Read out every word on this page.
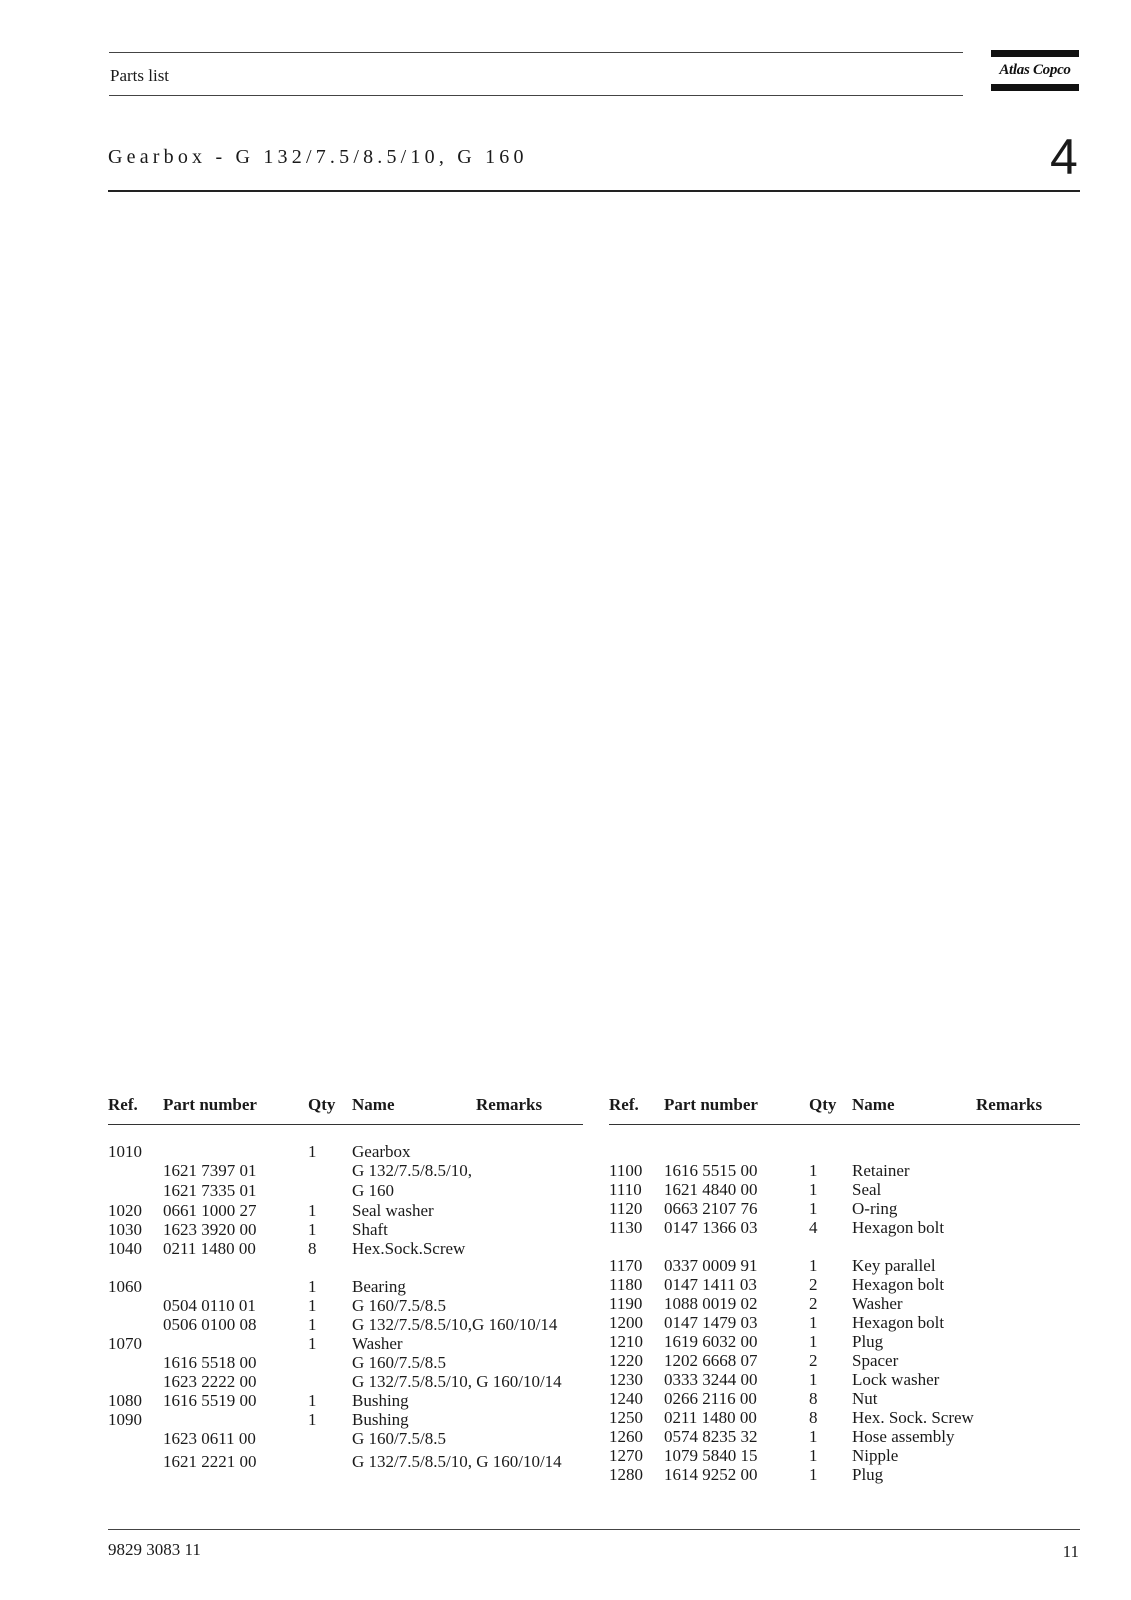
Parts list	Atlas Copco
Gearbox - G 132/7.5/8.5/10, G 160	4
Ref. Part number	Qty Name	Remarks
1010	1 Gearbox
1621 7397 01	G 132/7.5/8.5/10,
1621 7335 01	G 160
1020 0661 1000 27	1 Seal washer
1030 1623 3920 00	1 Shaft
1040 0211 1480 00	8 Hex.Sock.Screw
1060	1 Bearing
0504 0110 01	1 G 160/7.5/8.5
0506 0100 08	1 G 132/7.5/8.5/10,G 160/10/14
1070	1 Washer
1616 5518 00	G 160/7.5/8.5
1623 2222 00	G 132/7.5/8.5/10, G 160/10/14
1080 1616 5519 00	1 Bushing
1090	1 Bushing
1623 0611 00	G 160/7.5/8.5
1621 2221 00	G 132/7.5/8.5/10, G 160/10/14
Ref. Part number	Qty Name	Remarks
1100 1616 5515 00	1 Retainer
1110 1621 4840 00	1 Seal
1120 0663 2107 76	1 O-ring
1130 0147 1366 03	4 Hexagon bolt
1170 0337 0009 91	1 Key parallel
1180 0147 1411 03	2 Hexagon bolt
1190 1088 0019 02	2 Washer
1200 0147 1479 03	1 Hexagon bolt
1210 1619 6032 00	1 Plug
1220 1202 6668 07	2 Spacer
1230 0333 3244 00	1 Lock washer
1240 0266 2116 00	8 Nut
1250 0211 1480 00	8 Hex. Sock. Screw
1260 0574 8235 32	1 Hose assembly
1270 1079 5840 15	1 Nipple
1280 1614 9252 00	1 Plug
9829 3083 11	11
